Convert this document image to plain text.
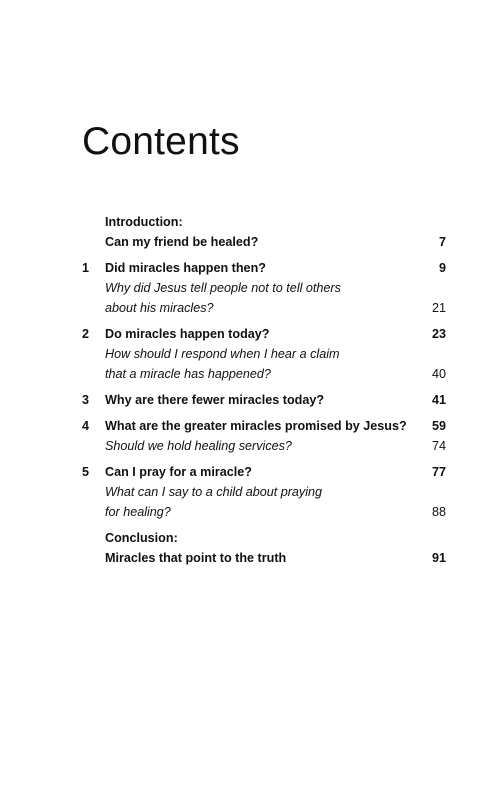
Contents
Introduction:
Can my friend be healed?	7
1 Did miracles happen then?	9
Why did Jesus tell people not to tell others
about his miracles?	21
2 Do miracles happen today?	23
How should I respond when I hear a claim
that a miracle has happened?	40
3 Why are there fewer miracles today?	41
4 What are the greater miracles promised by Jesus? 59
Should we hold healing services?	74
5 Can I pray for a miracle?	77
What can I say to a child about praying
for healing?	88
Conclusion:
Miracles that point to the truth	91
